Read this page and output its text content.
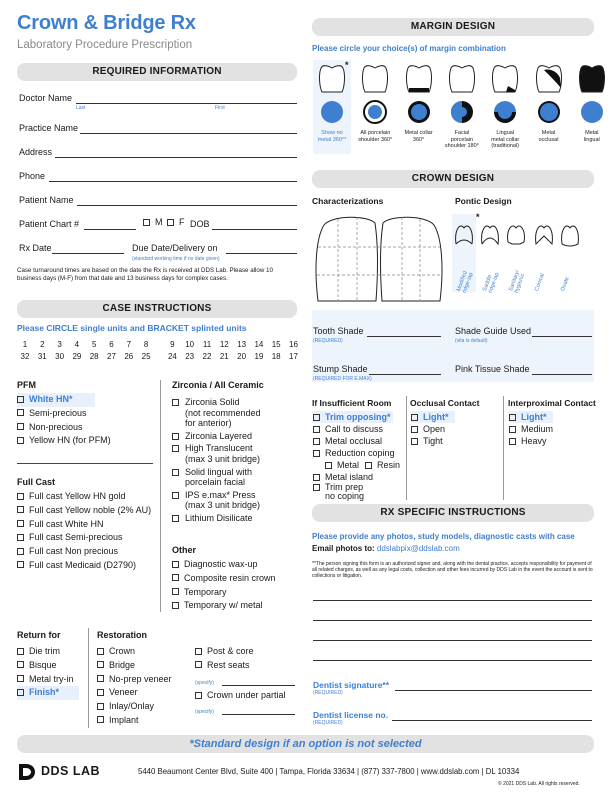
Crown & Bridge Rx
Laboratory Procedure Prescription
REQUIRED INFORMATION
Doctor Name
Last	First
Practice Name
Address
Phone
Patient Name
Patient Chart #	M	F DOB
Rx Date	Due Date/Delivery on
(standard working time if no date given)
Case turnaround times are based on the date the Rx is received at DDS Lab. Please allow 10 business days (M-F) from that date and 13 business days for complex cases.
CASE INSTRUCTIONS
Please CIRCLE single units and BRACKET splinted units
1	2	3	4	5	6	7	8	9	10 11 12 13 14 15 16
32 31 30 29 28 27 26 25 24 23 22 21 20 19 18 17
PFM
White HN*
Semi-precious
Non-precious
Yellow HN (for PFM)
Full Cast
Full cast Yellow HN gold
Full cast Yellow noble (2% AU)
Full cast White HN
Full cast Semi-precious
Full cast Non precious
Full cast Medicaid (D2790)
Zirconia / All Ceramic
Zirconia Solid
(not recommended
for anterior)
Zirconia Layered
High Translucent
(max 3 unit bridge)
Solid lingual with
porcelain facial
IPS e.max* Press
(max 3 unit bridge)
Lithium Disilicate
Other
Diagnostic wax-up
Composite resin crown
Temporary
Temporary w/ metal
Return for
Die trim
Bisque
Metal try-in
Finish*
Restoration
Crown
Bridge
No-prep veneer
Veneer
Inlay/Onlay
Implant
Post & core
Rest seats
(specify)
Crown under partial
(specify)
MARGIN DESIGN
Please circle your choice(s) of margin combination
*
Show no
metal 360°*
All porcelain
shoulder 360°
Metal collar
360°
Facial
porcelain
shoulder 180°
Lingual
metal collar
(traditional)
Metal
occlusal
Metal
lingual
CROWN DESIGN
Characterizations	Pontic Design
*
Modified
ridge-lap Saddle
ridge-lap Sanitary/
hygienic Conical	Ovate
Tooth Shade
(REQUIRED)
Shade Guide Used
(vita is default)
Stump Shade
(REQUIRED FOR E.MAX)
Pink Tissue Shade
If Insufficient Room
Trim opposing*
Call to discuss
Metal occlusal
Reduction coping
Metal Resin
Metal island
Trim prep
no coping
Occlusal Contact
Light*
Open
Tight
Interproximal Contact
Light*
Medium
Heavy
RX SPECIFIC INSTRUCTIONS
Please provide any photos, study models, diagnostic casts with case
Email photos to: ddslabpix@ddslab.com
**The person signing this form is an authorized signer and, along with the dental practice, accepts responsibility for payment of all related charges, as well as any legal costs, collection and other fees incurred by DDS Lab in the event the account is sent to collections or litigation.
Dentist signature**
(REQUIRED)
Dentist license no.
(REQUIRED)
*Standard design if an option is not selected
DDS LAB	5440 Beaumont Center Blvd, Suite 400 | Tampa, Florida 33634 | (877) 337-7800 | www.ddslab.com | DL 10334
© 2021 DDS Lab. All rights reserved.
